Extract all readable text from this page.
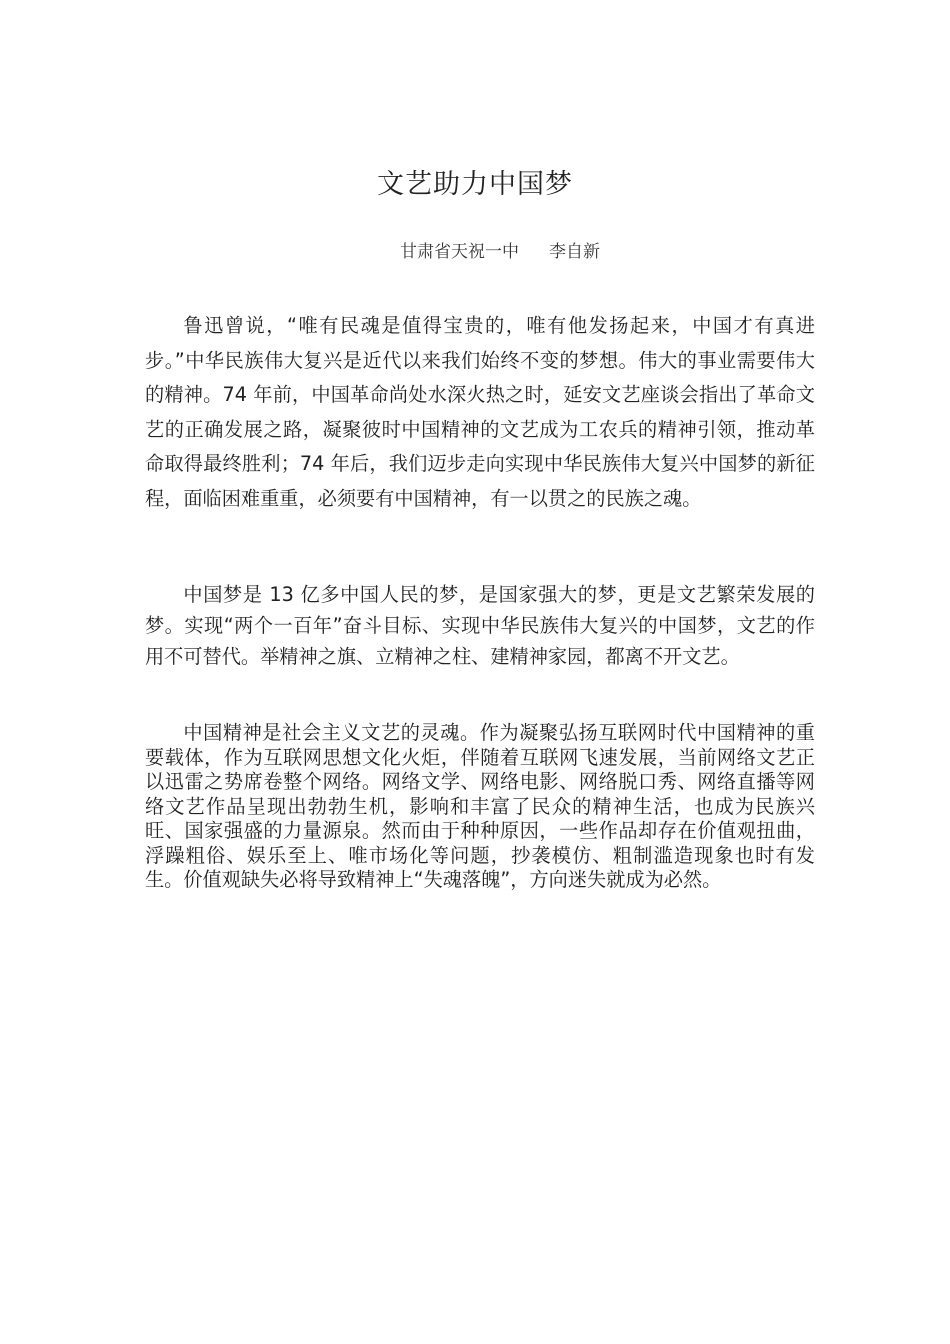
文艺助力中国梦
甘肃省天祝一中 李自新

鲁迅曾说，“唯有民魂是值得宝贵的，唯有他发扬起来，中国才有真进步。”中华民族伟大复兴是近代以来我们始终不变的梦想。伟大的事业需要伟大的精神。74 年前，中国革命尚处水深火热之时，延安文艺座谈会指出了革命文艺的正确发展之路，凝聚彼时中国精神的文艺成为工农兵的精神引领，推动革命取得最终胜利；74 年后，我们迈步走向实现中华民族伟大复兴中国梦的新征程，面临困难重重，必须要有中国精神，有一以贯之的民族之魂。

中国梦是 13 亿多中国人民的梦，是国家强大的梦，更是文艺繁荣发展的梦。实现“两个一百年”奋斗目标、实现中华民族伟大复兴的中国梦，文艺的作用不可替代。举精神之旗、立精神之柱、建精神家园，都离不开文艺。

中国精神是社会主义文艺的灵魂。作为凝聚弘扬互联网时代中国精神的重要载体，作为互联网思想文化火炬，伴随着互联网飞速发展，当前网络文艺正以迅雷之势席卷整个网络。网络文学、网络电影、网络脱口秀、网络直播等网络文艺作品呈现出勃勃生机，影响和丰富了民众的精神生活，也成为民族兴旺、国家强盛的力量源泉。然而由于种种原因，一些作品却存在价值观扭曲，浮躁粗俗、娱乐至上、唯市场化等问题，抄袭模仿、粗制滥造现象也时有发生。价值观缺失必将导致精神上“失魂落魄”，方向迷失就成为必然。
